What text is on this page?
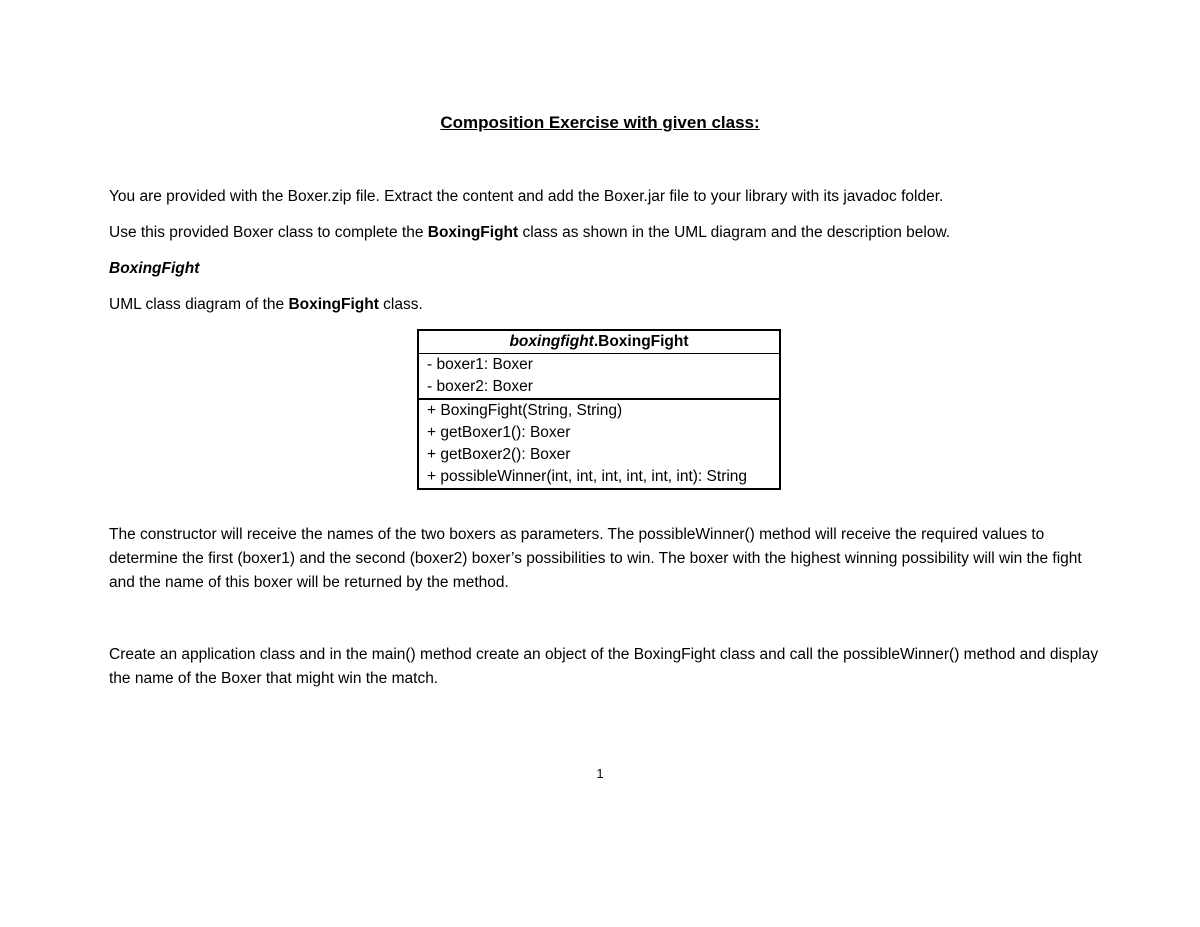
Composition Exercise with given class:

You are provided with the Boxer.zip file. Extract the content and add the Boxer.jar file to your library with its javadoc folder.

Use this provided Boxer class to complete the BoxingFight class as shown in the UML diagram and the description below.

BoxingFight

UML class diagram of the BoxingFight class.

boxingfight.BoxingFight
- boxer1: Boxer
- boxer2: Boxer
+ BoxingFight(String, String)
+ getBoxer1(): Boxer
+ getBoxer2(): Boxer
+ possibleWinner(int, int, int, int, int, int): String

The constructor will receive the names of the two boxers as parameters. The possibleWinner() method will receive the required values to determine the first (boxer1) and the second (boxer2) boxer’s possibilities to win. The boxer with the highest winning possibility will win the fight and the name of this boxer will be returned by the method.

Create an application class and in the main() method create an object of the BoxingFight class and call the possibleWinner() method and display the name of the Boxer that might win the match.

1
